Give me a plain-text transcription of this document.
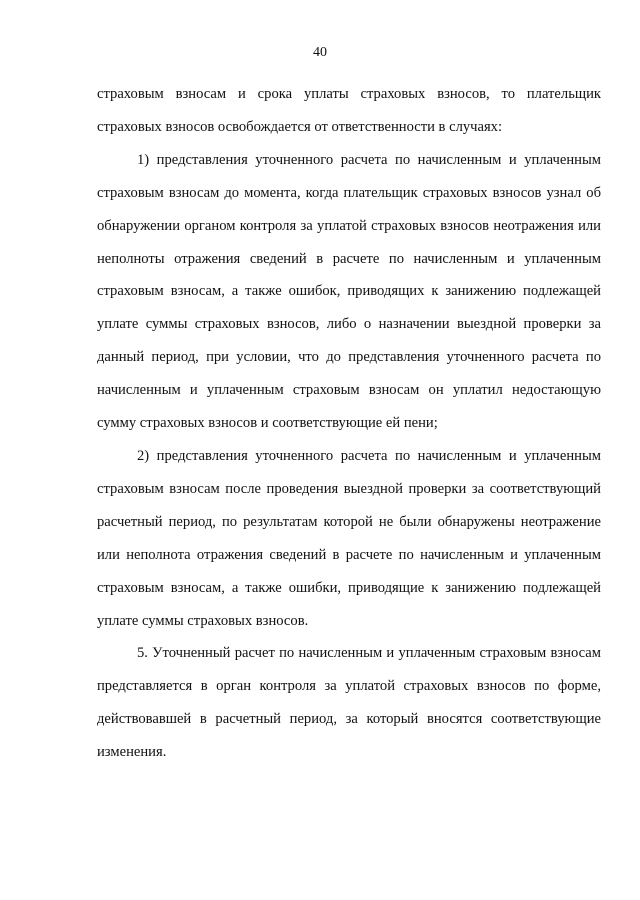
40

страховым взносам и срока уплаты страховых взносов, то плательщик страховых взносов освобождается от ответственности в случаях:

1) представления уточненного расчета по начисленным и уплаченным страховым взносам до момента, когда плательщик страховых взносов узнал об обнаружении органом контроля за уплатой страховых взносов неотражения или неполноты отражения сведений в расчете по начисленным и уплаченным страховым взносам, а также ошибок, приводящих к занижению подлежащей уплате суммы страховых взносов, либо о назначении выездной проверки за данный период, при условии, что до представления уточненного расчета по начисленным и уплаченным страховым взносам он уплатил недостающую сумму страховых взносов и соответствующие ей пени;

2) представления уточненного расчета по начисленным и уплаченным страховым взносам после проведения выездной проверки за соответствующий расчетный период, по результатам которой не были обнаружены неотражение или неполнота отражения сведений в расчете по начисленным и уплаченным страховым взносам, а также ошибки, приводящие к занижению подлежащей уплате суммы страховых взносов.

5. Уточненный расчет по начисленным и уплаченным страховым взносам представляется в орган контроля за уплатой страховых взносов по форме, действовавшей в расчетный период, за который вносятся соответствующие изменения.
